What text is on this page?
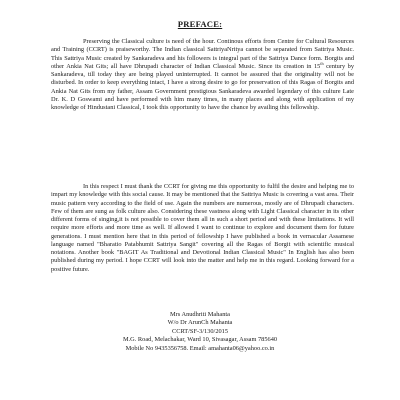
PREFACE:

Preserving the Classical culture is need of the hour. Continous efforts from Centre for Cultural Resources and Training (CCRT) is praiseworthy. The Indian classical SattriyaNritya cannot be separated from Sattriya Music. This Sattriya Music created by Sankaradeva and his followers is integral part of the Sattriya Dance form. Borgits and other Ankia Nat Gits; all have Dhrupadi character of Indian Classical Music. Since its creation in 15th century by Sankaradeva, till today they are being played uninterrupted. It cannot be assured that the originality will not be disturbed. In order to keep everything intact, I have a strong desire to go for preservation of this Ragas of Borgits and Ankia Nat Gits from my father, Assam Government prestigious Sankaradeva awarded legendary of this culture Late Dr. K. D Goswami and have performed with him many times, in many places and along with application of my knowledge of Hindustani Classical, I took this opportunity to have the chance by availing this fellowship.

In this respect I must thank the CCRT for giving me this opportunity to fulfil the desire and helping me to impart my knowledge with this social cause. It may be mentioned that the Sattriya Music is covering a vast area. Their music pattern very according to the field of use. Again the numbers are numerous, mostly are of Dhrupadi characters. Few of them are sung as folk culture also. Considering these vastness along with Light Classical character in its other different forms of singing,it is not possible to cover them all in such a short period and with these limitations. It will require more efforts and more time as well. If allowed I want to continue to explore and document them for future generations. I must mention here that in this period of fellowship I have published a book in vernacular Assamese language named "Bharatio Patabhumit Sattriya Sangit" covering all the Ragas of Borgit with scientific musical notations. Another book "BAGIT As Traditional and Devotional Indian Classical Music" In English has also been published during my period. I hope CCRT will look into the matter and help me in this regard. Looking forward for a positive future.

Mrs Anudhriti Mahanta
W/o Dr ArunCh Mahanta
CCRT/SF-3/130/2015
M.G. Road, Melachakar, Ward 10, Sivasagar, Assam 785640
Mobile No 9435356758. Email: amahanta06@yahoo.co.in
